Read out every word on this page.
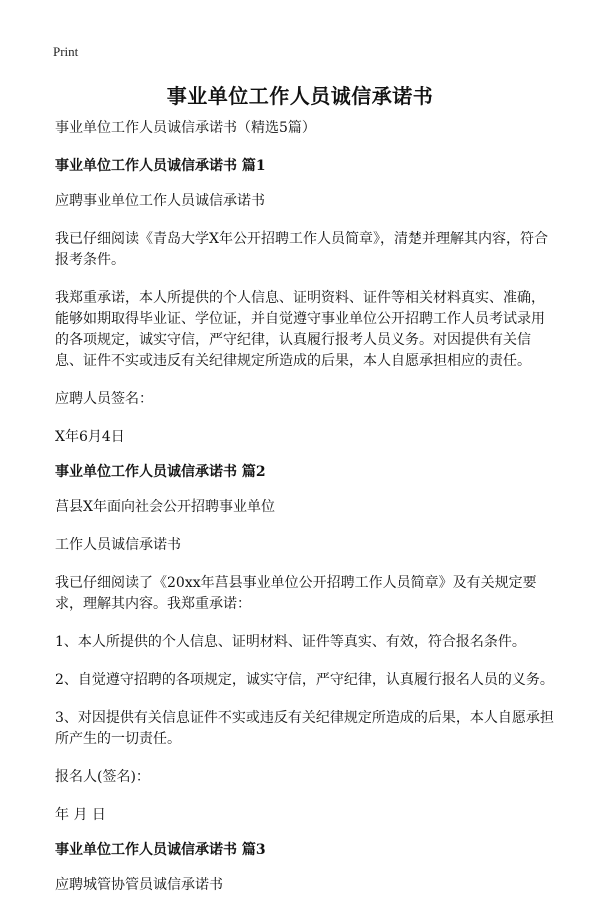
Print
事业单位工作人员诚信承诺书

事业单位工作人员诚信承诺书（精选5篇）

事业单位工作人员诚信承诺书 篇1

应聘事业单位工作人员诚信承诺书

我已仔细阅读《青岛大学X年公开招聘工作人员简章》，清楚并理解其内容，符合报考条件。

我郑重承诺，本人所提供的个人信息、证明资料、证件等相关材料真实、准确，能够如期取得毕业证、学位证，并自觉遵守事业单位公开招聘工作人员考试录用的各项规定，诚实守信，严守纪律，认真履行报考人员义务。对因提供有关信息、证件不实或违反有关纪律规定所造成的后果，本人自愿承担相应的责任。

应聘人员签名：

X年6月4日

事业单位工作人员诚信承诺书 篇2

莒县X年面向社会公开招聘事业单位

工作人员诚信承诺书

我已仔细阅读了《20xx年莒县事业单位公开招聘工作人员简章》及有关规定要求，理解其内容。我郑重承诺：

1、本人所提供的个人信息、证明材料、证件等真实、有效，符合报名条件。

2、自觉遵守招聘的各项规定，诚实守信，严守纪律，认真履行报名人员的义务。

3、对因提供有关信息证件不实或违反有关纪律规定所造成的后果，本人自愿承担所产生的一切责任。

报名人(签名)：

年 月 日

事业单位工作人员诚信承诺书 篇3

应聘城管协管员诚信承诺书
